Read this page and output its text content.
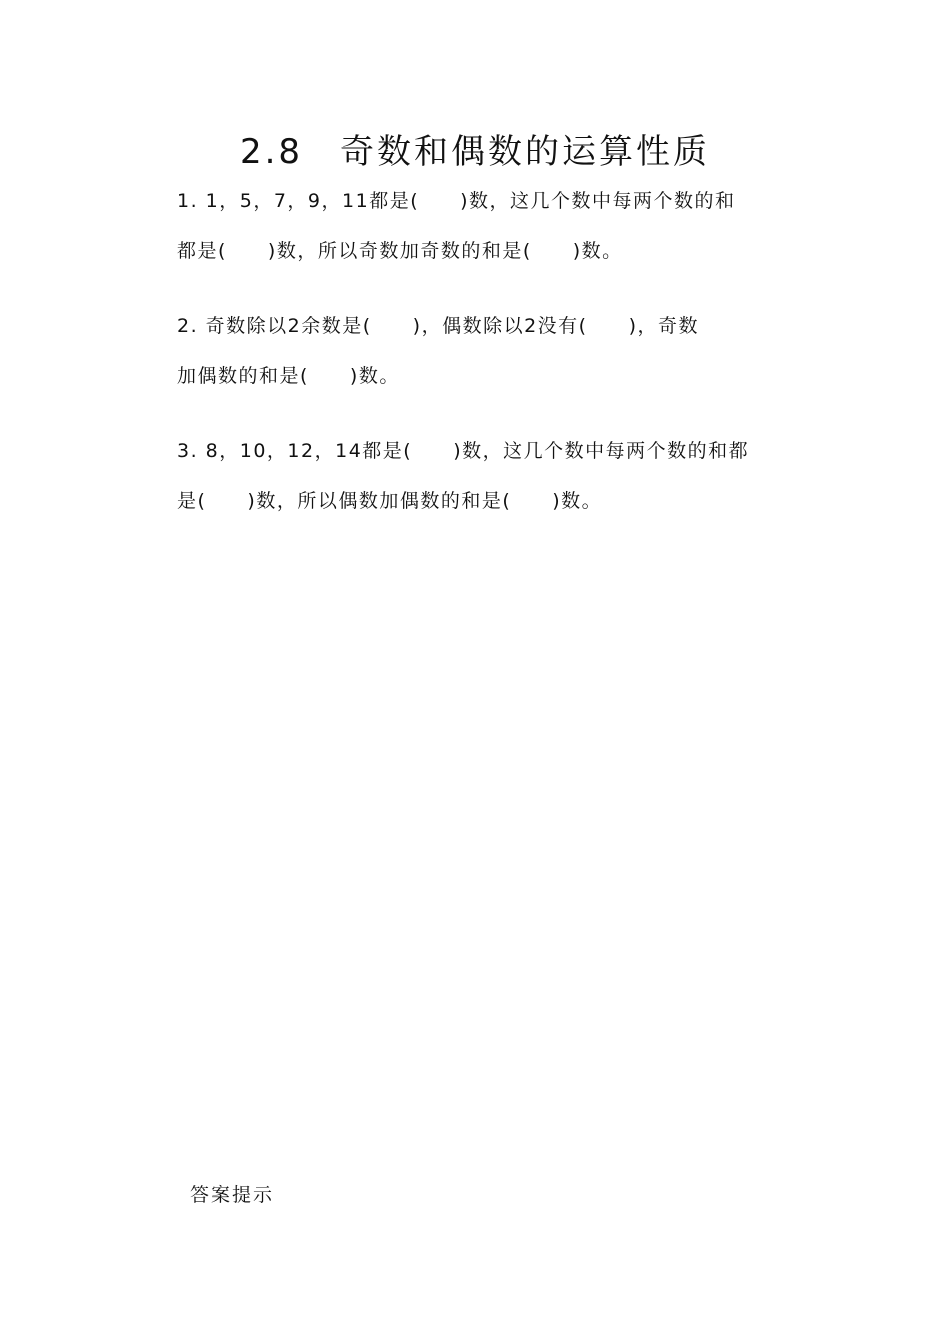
2.8　奇数和偶数的运算性质
1. 1，5，7，9，11都是(　　)数，这几个数中每两个数的和
都是(　　)数，所以奇数加奇数的和是(　　)数。
2. 奇数除以2余数是(　　)，偶数除以2没有(　　)，奇数
加偶数的和是(　　)数。
3. 8，10，12，14都是(　　)数，这几个数中每两个数的和都
是(　　)数，所以偶数加偶数的和是(　　)数。
答案提示
